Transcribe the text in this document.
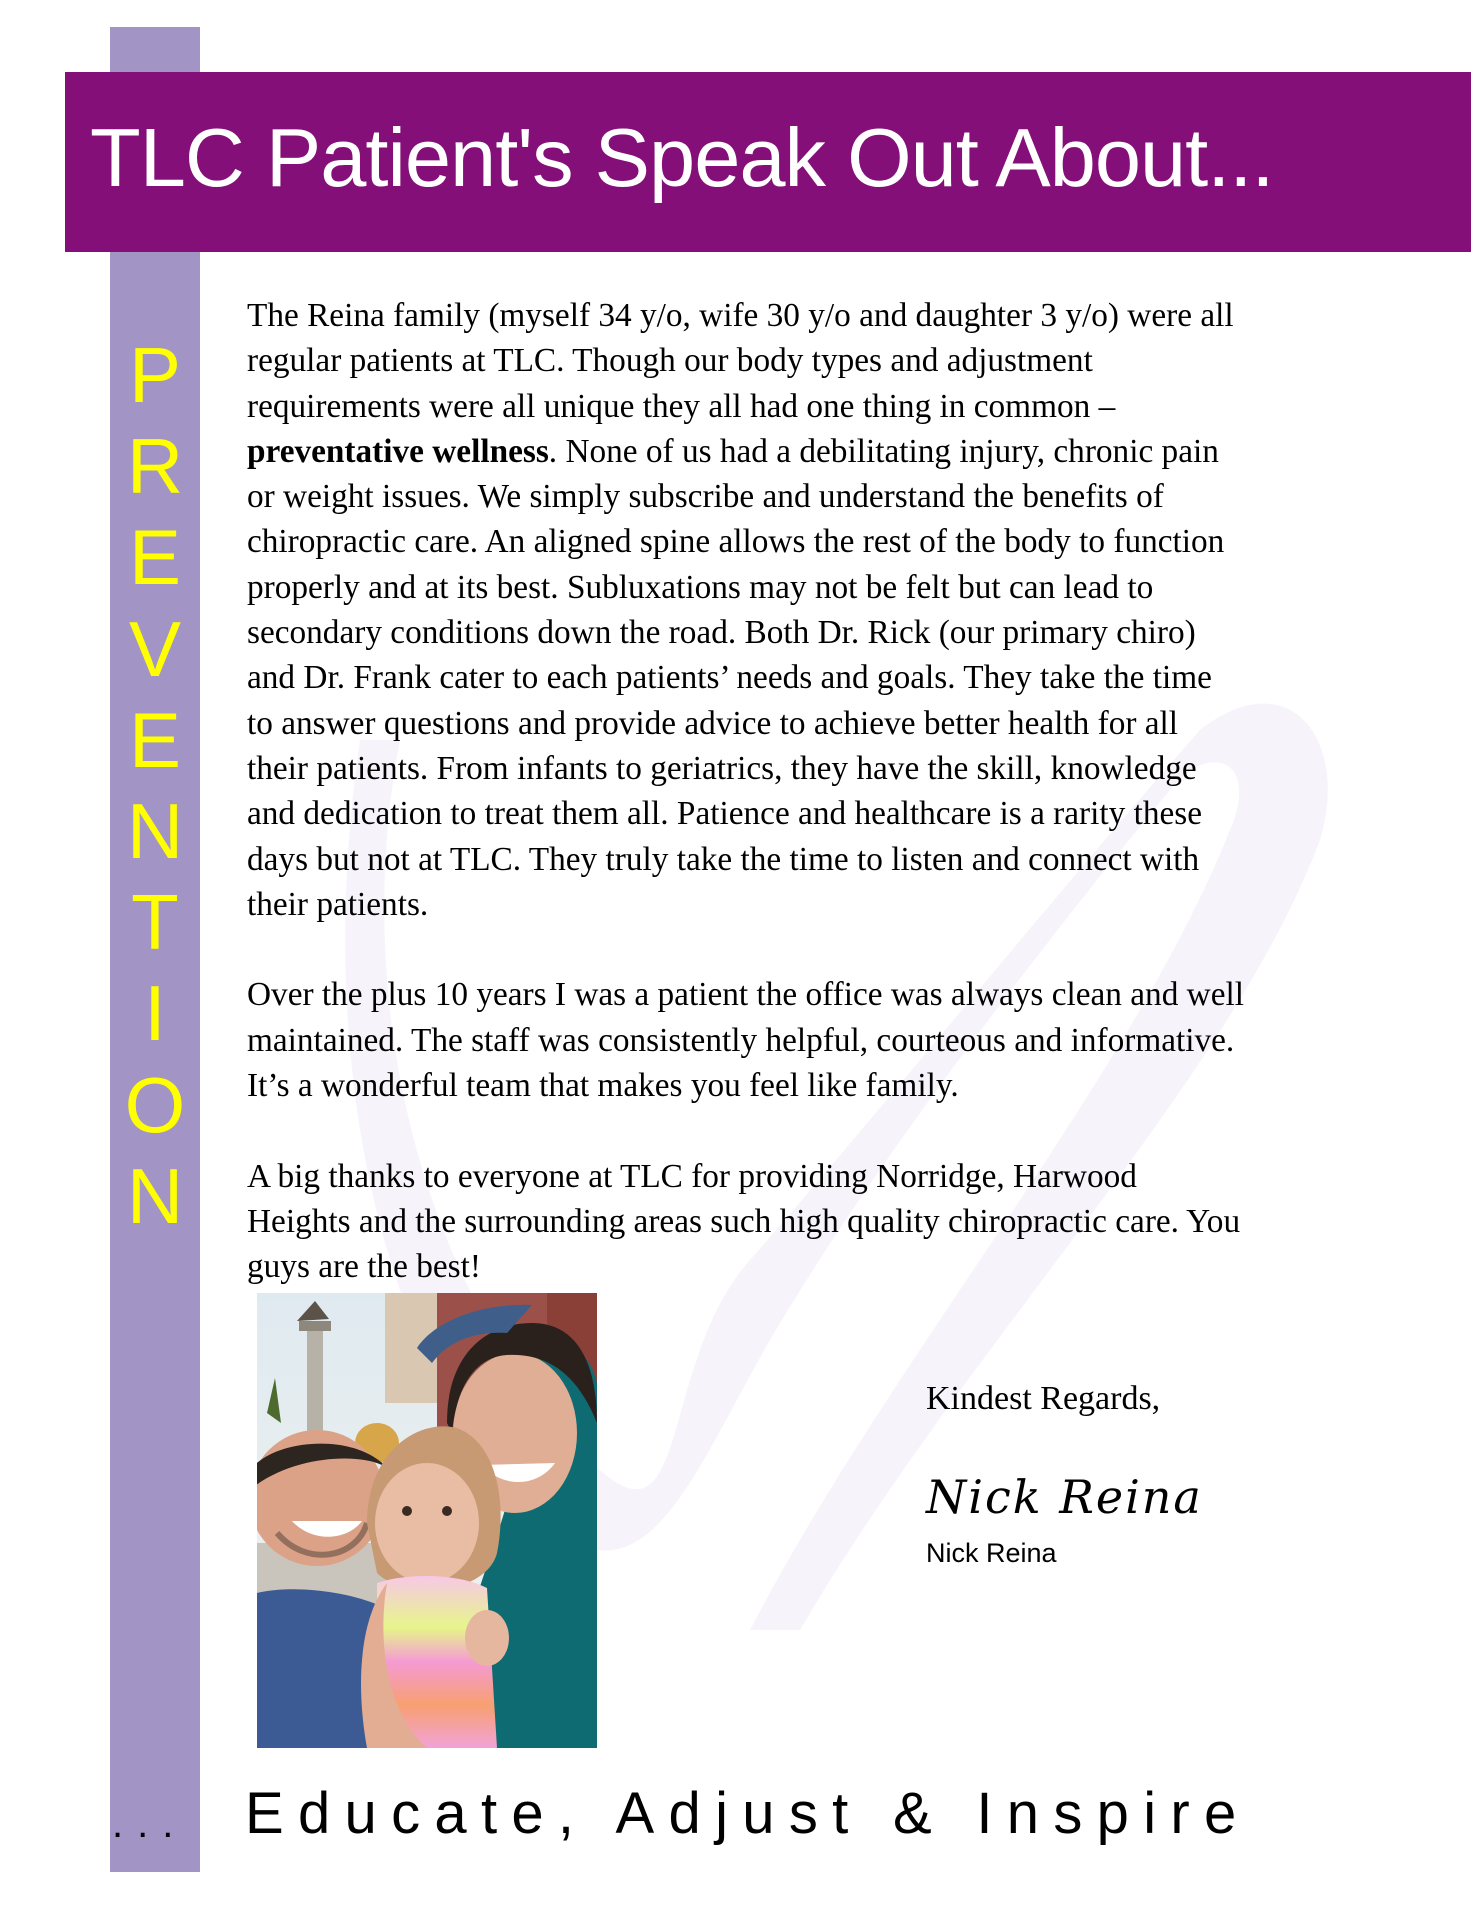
TLC Patient's Speak Out About...
P
R
E
V
E
N
T
I
O
N

The Reina family (myself 34 y/o, wife 30 y/o and daughter 3 y/o) were all
regular patients at TLC. Though our body types and adjustment
requirements were all unique they all had one thing in common –
preventative wellness. None of us had a debilitating injury, chronic pain
or weight issues. We simply subscribe and understand the benefits of
chiropractic care. An aligned spine allows the rest of the body to function
properly and at its best. Subluxations may not be felt but can lead to
secondary conditions down the road. Both Dr. Rick (our primary chiro)
and Dr. Frank cater to each patients’ needs and goals. They take the time
to answer questions and provide advice to achieve better health for all
their patients. From infants to geriatrics, they have the skill, knowledge
and dedication to treat them all. Patience and healthcare is a rarity these
days but not at TLC. They truly take the time to listen and connect with
their patients.

Over the plus 10 years I was a patient the office was always clean and well
maintained. The staff was consistently helpful, courteous and informative.
It’s a wonderful team that makes you feel like family.

A big thanks to everyone at TLC for providing Norridge, Harwood
Heights and the surrounding areas such high quality chiropractic care. You
guys are the best!

Kindest Regards,
Nick Reina
Nick Reina
... Educate, Adjust & Inspire
